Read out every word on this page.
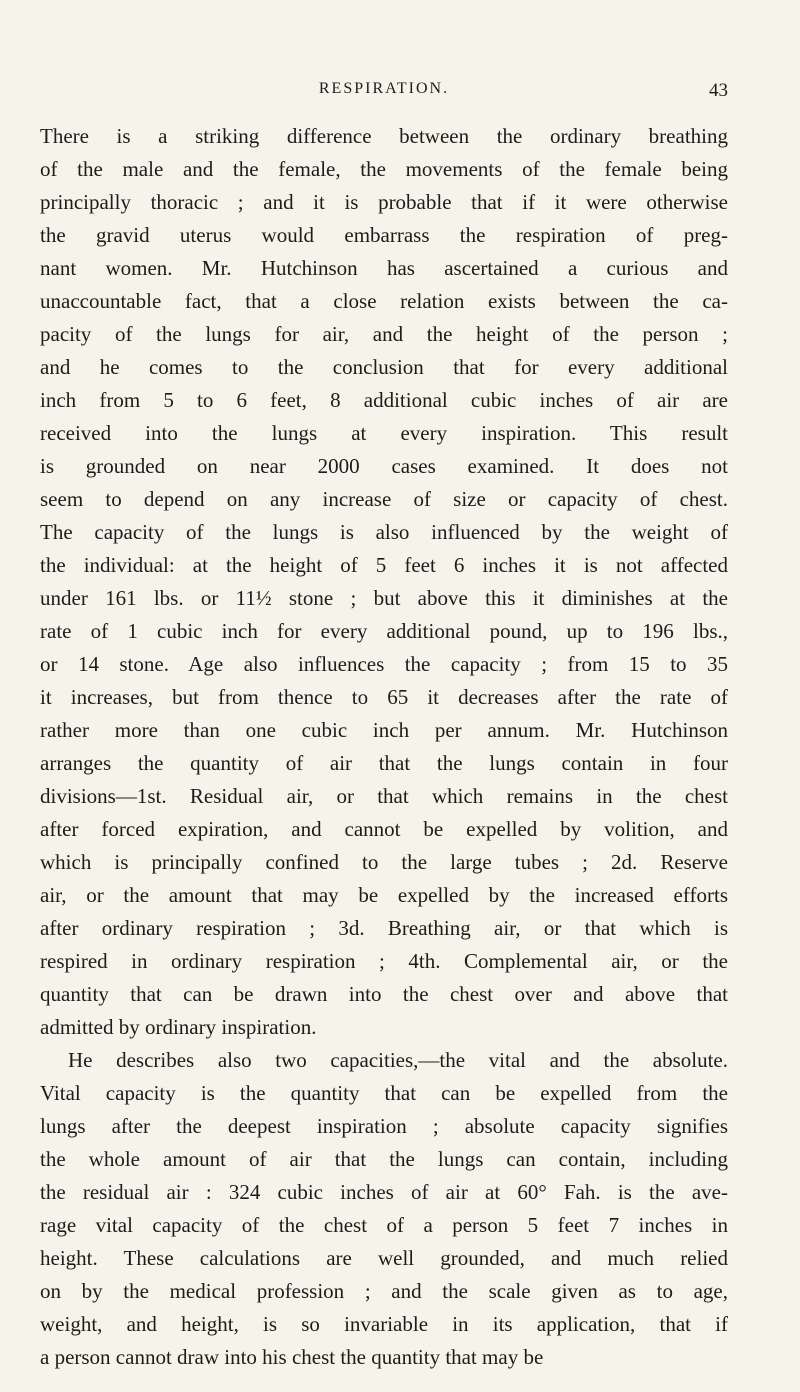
RESPIRATION.	43
There is a striking difference between the ordinary breathing
of the male and the female, the movements of the female being
principally thoracic ; and it is probable that if it were otherwise
the gravid uterus would embarrass the respiration of preg-
nant women. Mr. Hutchinson has ascertained a curious and
unaccountable fact, that a close relation exists between the ca-
pacity of the lungs for air, and the height of the person ;
and he comes to the conclusion that for every additional
inch from 5 to 6 feet, 8 additional cubic inches of air are
received into the lungs at every inspiration. This result
is grounded on near 2000 cases examined. It does not
seem to depend on any increase of size or capacity of chest.
The capacity of the lungs is also influenced by the weight of
the individual: at the height of 5 feet 6 inches it is not affected
under 161 lbs. or 11½ stone ; but above this it diminishes at the
rate of 1 cubic inch for every additional pound, up to 196 lbs.,
or 14 stone. Age also influences the capacity ; from 15 to 35
it increases, but from thence to 65 it decreases after the rate of
rather more than one cubic inch per annum. Mr. Hutchinson
arranges the quantity of air that the lungs contain in four
divisions—1st. Residual air, or that which remains in the chest
after forced expiration, and cannot be expelled by volition, and
which is principally confined to the large tubes ; 2d. Reserve
air, or the amount that may be expelled by the increased efforts
after ordinary respiration ; 3d. Breathing air, or that which is
respired in ordinary respiration ; 4th. Complemental air, or the
quantity that can be drawn into the chest over and above that
admitted by ordinary inspiration.
He describes also two capacities,—the vital and the absolute.
Vital capacity is the quantity that can be expelled from the
lungs after the deepest inspiration ; absolute capacity signifies
the whole amount of air that the lungs can contain, including
the residual air : 324 cubic inches of air at 60° Fah. is the ave-
rage vital capacity of the chest of a person 5 feet 7 inches in
height. These calculations are well grounded, and much relied
on by the medical profession ; and the scale given as to age,
weight, and height, is so invariable in its application, that if
a person cannot draw into his chest the quantity that may be
